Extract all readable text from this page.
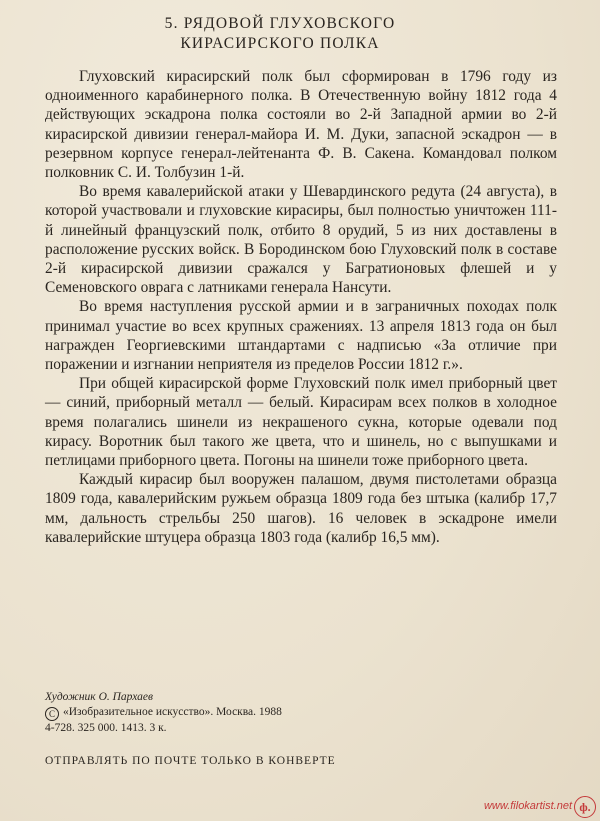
5. РЯДОВОЙ ГЛУХОВСКОГО
КИРАСИРСКОГО ПОЛКА

Глуховский кирасирский полк был сформирован в 1796 году из одноименного карабинерного полка. В Отечественную войну 1812 года 4 действующих эскадрона полка состояли во 2-й Западной армии во 2-й кирасирской дивизии генерал-майора И. М. Дуки, запасной эскадрон — в резервном корпусе генерал-лейтенанта Ф. В. Сакена. Командовал полком полковник С. И. Толбузин 1-й.

Во время кавалерийской атаки у Шевардинского редута (24 августа), в которой участвовали и глуховские кирасиры, был полностью уничтожен 111-й линейный французский полк, отбито 8 орудий, 5 из них доставлены в расположение русских войск. В Бородинском бою Глуховский полк в составе 2-й кирасирской дивизии сражался у Багратионовых флешей и у Семеновского оврага с латниками генерала Нансути.

Во время наступления русской армии и в заграничных походах полк принимал участие во всех крупных сражениях. 13 апреля 1813 года он был награжден Георгиевскими штандартами с надписью «За отличие при поражении и изгнании неприятеля из пределов России 1812 г.».

При общей кирасирской форме Глуховский полк имел приборный цвет — синий, приборный металл — белый. Кирасирам всех полков в холодное время полагались шинели из некрашеного сукна, которые одевали под кирасу. Воротник был такого же цвета, что и шинель, но с выпушками и петлицами приборного цвета. Погоны на шинели тоже приборного цвета.

Каждый кирасир был вооружен палашом, двумя пистолетами образца 1809 года, кавалерийским ружьем образца 1809 года без штыка (калибр 17,7 мм, дальность стрельбы 250 шагов). 16 человек в эскадроне имели кавалерийские штуцера образца 1803 года (калибр 16,5 мм).

Художник О. Пархаев
C «Изобразительное искусство». Москва. 1988
4-728. 325 000. 1413. 3 к.
ОТПРАВЛЯТЬ ПО ПОЧТЕ ТОЛЬКО В КОНВЕРТЕ
www.filokartist.net ф.
